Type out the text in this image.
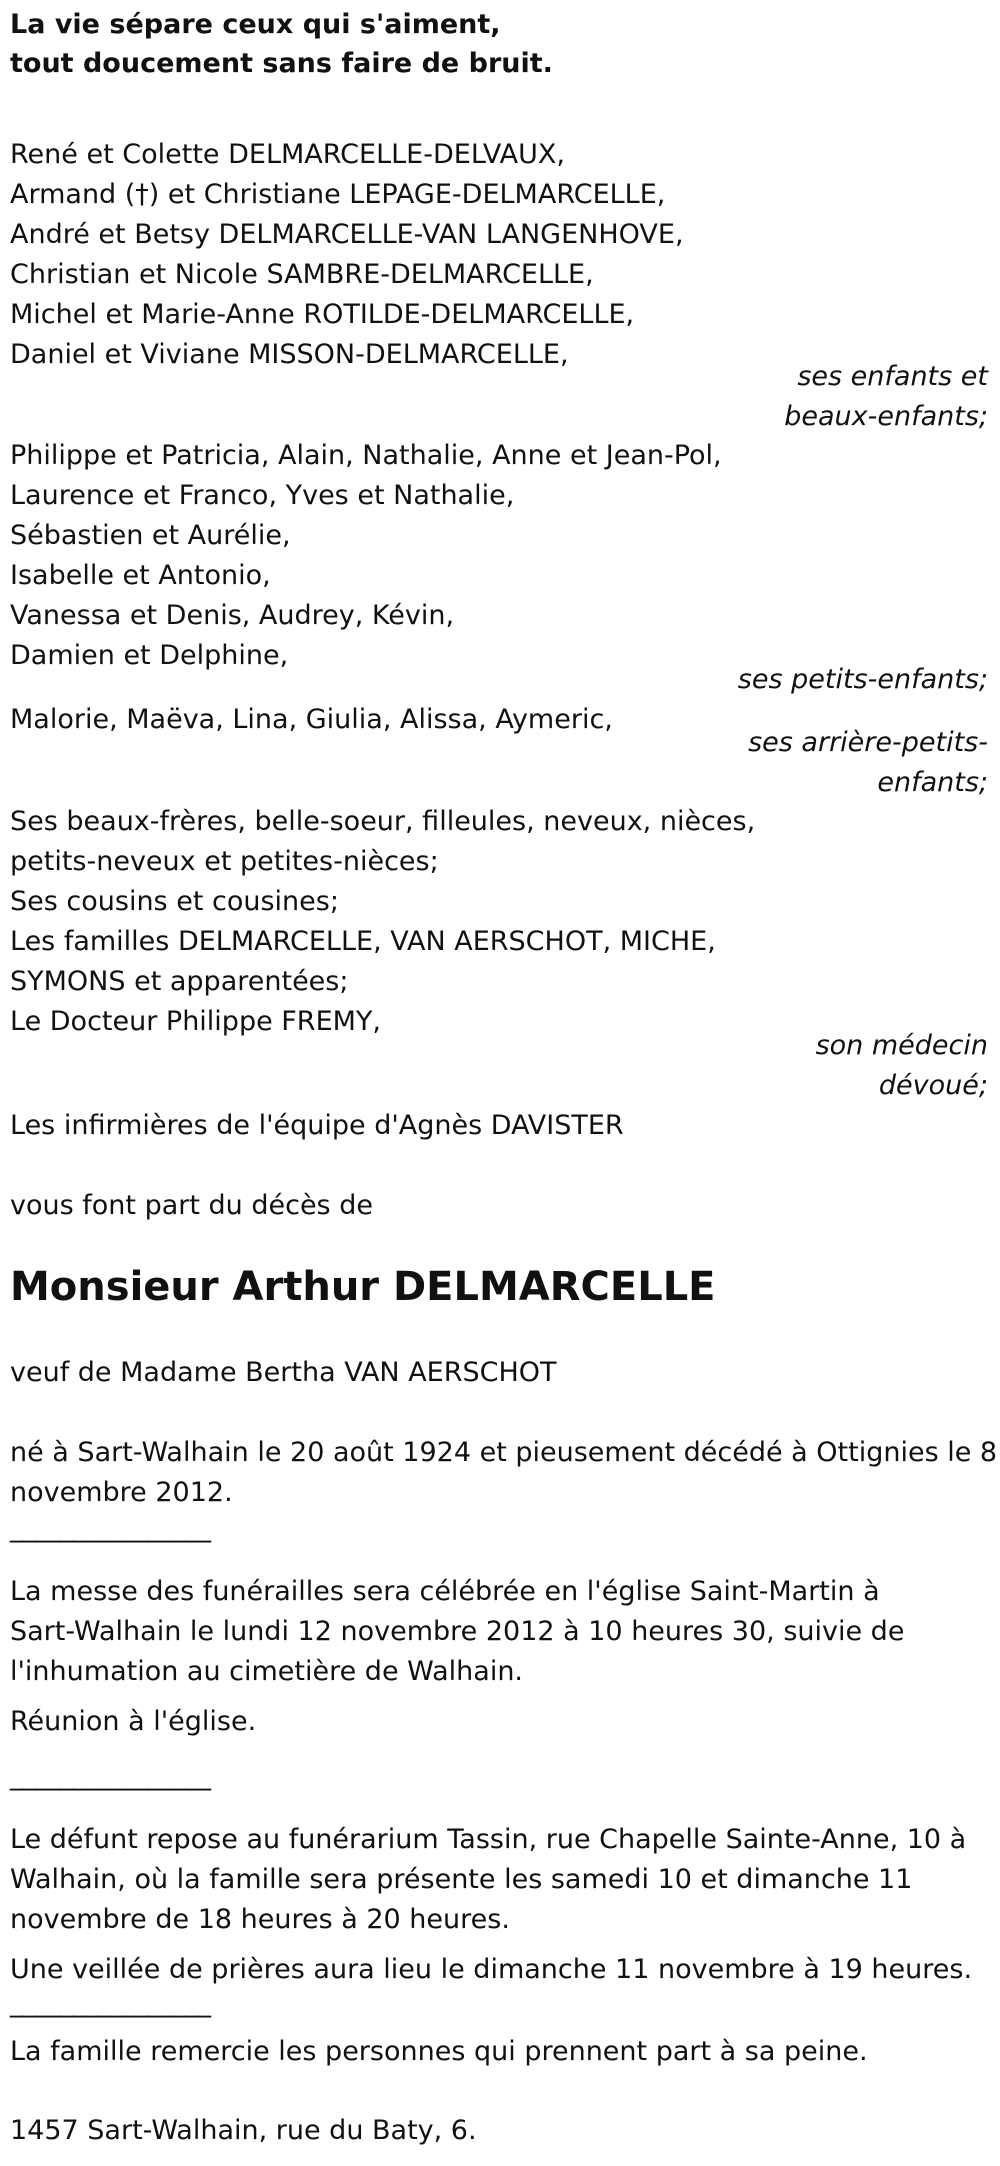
La vie sépare ceux qui s'aiment,
tout doucement sans faire de bruit.
René et Colette DELMARCELLE-DELVAUX,
Armand (†) et Christiane LEPAGE-DELMARCELLE,
André et Betsy DELMARCELLE-VAN LANGENHOVE,
Christian et Nicole SAMBRE-DELMARCELLE,
Michel et Marie-Anne ROTILDE-DELMARCELLE,
Daniel et Viviane MISSON-DELMARCELLE,
ses enfants et
beaux-enfants;
Philippe et Patricia, Alain, Nathalie, Anne et Jean-Pol,
Laurence et Franco, Yves et Nathalie,
Sébastien et Aurélie,
Isabelle et Antonio,
Vanessa et Denis, Audrey, Kévin,
Damien et Delphine,
ses petits-enfants;
Malorie, Maëva, Lina, Giulia, Alissa, Aymeric,
ses arrière-petits-
enfants;
Ses beaux-frères, belle-soeur, filleules, neveux, nièces,
petits-neveux et petites-nièces;
Ses cousins et cousines;
Les familles DELMARCELLE, VAN AERSCHOT, MICHE,
SYMONS et apparentées;
Le Docteur Philippe FREMY,
son médecin
dévoué;
Les infirmières de l'équipe d'Agnès DAVISTER
vous font part du décès de
Monsieur Arthur DELMARCELLE
veuf de Madame Bertha VAN AERSCHOT
né à Sart-Walhain le 20 août 1924 et pieusement décédé à Ottignies le 8
novembre 2012.
________________
La messe des funérailles sera célébrée en l'église Saint-Martin à
Sart-Walhain le lundi 12 novembre 2012 à 10 heures 30, suivie de
l'inhumation au cimetière de Walhain.
Réunion à l'église.
________________
Le défunt repose au funérarium Tassin, rue Chapelle Sainte-Anne, 10 à
Walhain, où la famille sera présente les samedi 10 et dimanche 11
novembre de 18 heures à 20 heures.
Une veillée de prières aura lieu le dimanche 11 novembre à 19 heures.
________________
La famille remercie les personnes qui prennent part à sa peine.
1457 Sart-Walhain, rue du Baty, 6.
